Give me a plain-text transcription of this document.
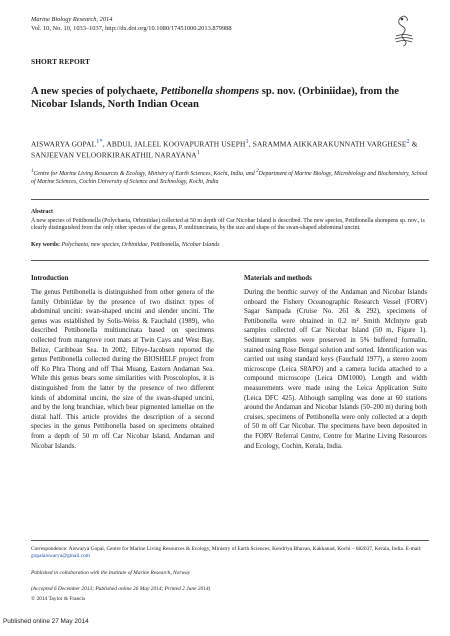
Marine Biology Research, 2014
Vol. 10, No. 10, 1033–1037, http://dx.doi.org/10.1080/17451000.2013.879988
SHORT REPORT
A new species of polychaete, Pettibonella shompens sp. nov. (Orbiniidae), from the Nicobar Islands, North Indian Ocean
AISWARYA $GOPAL^{1*}$, ABDUL JALEEL KOOVAPURATH USEPH$^1$, SARAMMA AIKKARAKUNNATH VARGHESE$^2$ & SANJEEVAN VELOORKIRAKATHIL NARAYANA$^1$
$^1$Centre for Marine Living Resources & Ecology, Ministry of Earth Sciences, Kochi, India, and $^2$Department of Marine Biology, Microbiology and Biochemistry, School of Marine Sciences, Cochin University of Science and Technology, Kochi, India
Abstract
A new species of Pettibonella (Polychaeta, Orbiniidae) collected at 50 m depth off Car Nicobar Island is described. The new species, Pettibonella shompens sp. nov., is clearly distinguished from the only other species of the genus, P. multiuncinata, by the size and shape of the swan-shaped abdominal uncini.
Key words: Polychaeta, new species, Orbiniidae, Pettibonella, Nicobar Islands
Introduction

The genus Pettibonella is distinguished from other genera of the family Orbiniidae by the presence of two distinct types of abdominal uncini: swan-shaped uncini and slender uncini. The genus was established by Solis-Weiss & Fauchald (1989), who described Pettibonella multiuncinata based on specimens collected from mangrove root mats at Twin Cays and West Bay, Belize, Caribbean Sea. In 2002, Eibye-Jacobsen reported the genus Pettibonella collected during the BIOSHELF project from off Ko Phra Thong and off Thai Muang, Eastern Andaman Sea. While this genus bears some similarities with Proscoloplos, it is distinguished from the latter by the presence of two different kinds of abdominal uncini, the size of the swan-shaped uncini, and by the long branchiae, which bear pigmented lamellae on the distal half. This article provides the description of a second species in the genus Pettibonella based on specimens obtained from a depth of 50 m off Car Nicobar Island, Andaman and Nicobar Islands.

Materials and methods

During the benthic survey of the Andaman and Nicobar Islands onboard the Fishery Oceanographic Research Vessel (FORV) Sagar Sampada (Cruise No. 261 & 292), specimens of Pettibonella were obtained in 0.2 m² Smith McIntyre grab samples collected off Car Nicobar Island (50 m, Figure 1). Sediment samples were preserved in 5% buffered formalin, stained using Rose Bengal solution and sorted. Identification was carried out using standard keys (Fauchald 1977), a stereo zoom microscope (Leica S8APO) and a camera lucida attached to a compound microscope (Leica DM1000). Length and width measurements were made using the Leica Application Suite (Leica DFC 425). Although sampling was done at 60 stations around the Andaman and Nicobar Islands (50–200 m) during both cruises, specimens of Pettibonella were only collected at a depth of 50 m off Car Nicobar. The specimens have been deposited in the FORV Referral Centre, Centre for Marine Living Resources and Ecology, Cochin, Kerala, India.

Correspondence: Aiswarya Gopal, Centre for Marine Living Resources & Ecology, Ministry of Earth Sciences, Kendriya Bhavan, Kakkanad, Kochi – 682037, Kerala, India. E-mail: gopalaiswarya@gmail.com
Published in collaboration with the Institute of Marine Research, Norway
(Accepted 6 December 2013; Published online 26 May 2014; Printed 2 June 2014)
© 2014 Taylor & Francis
Published online 27 May 2014
